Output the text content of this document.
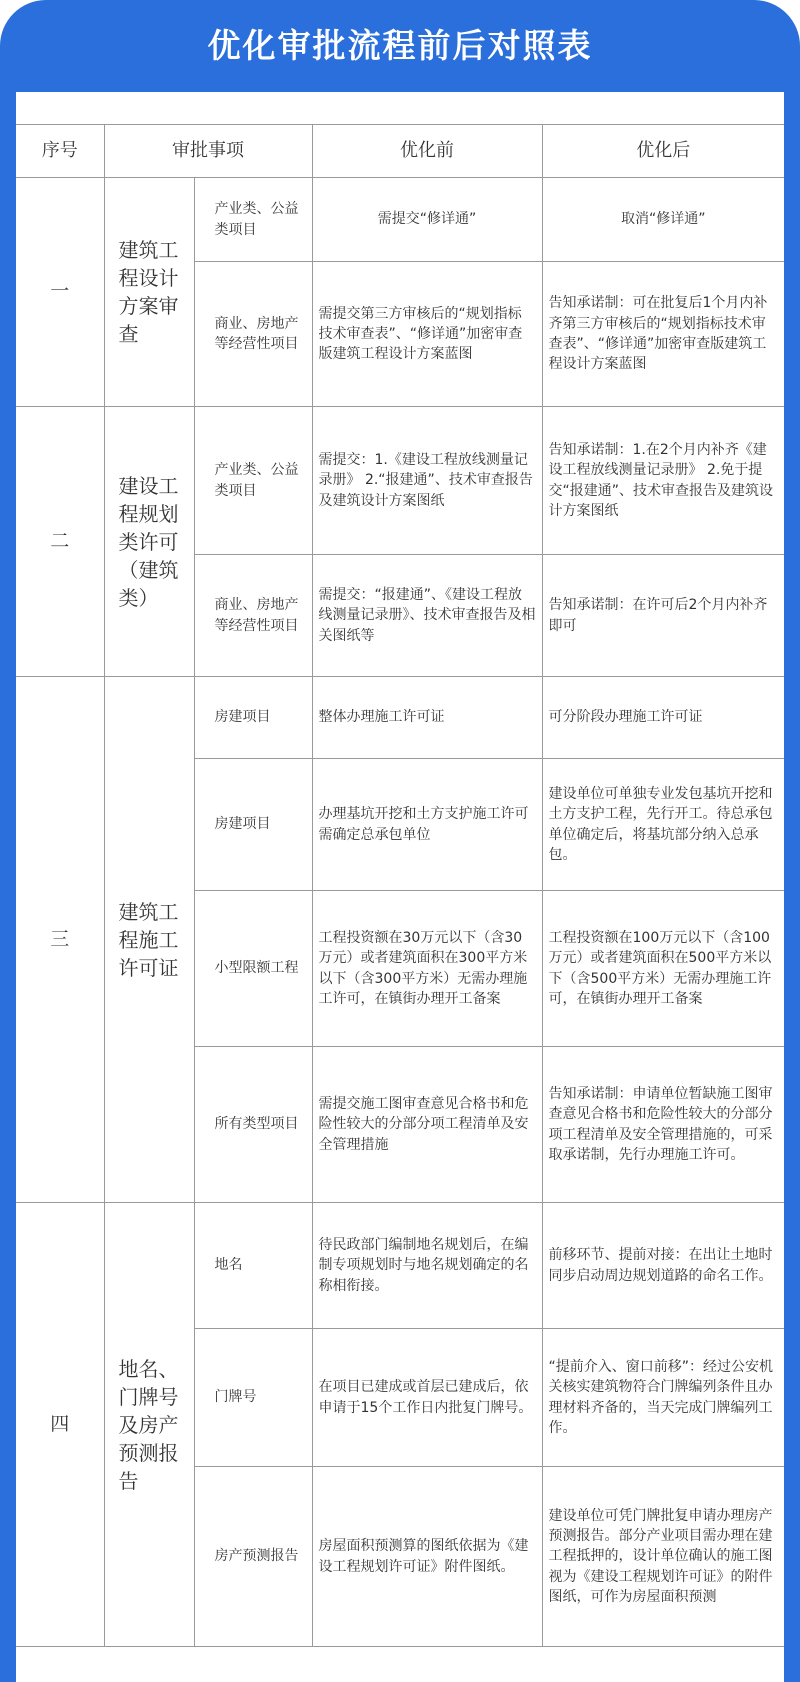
优化审批流程前后对照表
序号	审批事项		优化前	优化后
一	建筑工程设计方案审查	产业类、公益类项目	需提交“修详通”	取消“修详通”
		商业、房地产等经营性项目	需提交第三方审核后的“规划指标技术审查表”、“修详通”加密审查版建筑工程设计方案蓝图	告知承诺制：可在批复后1个月内补齐第三方审核后的“规划指标技术审查表”、“修详通”加密审查版建筑工程设计方案蓝图
二	建设工程规划类许可（建筑类）	产业类、公益类项目	需提交：1.《建设工程放线测量记录册》 2.“报建通”、技术审查报告及建筑设计方案图纸	告知承诺制：1.在2个月内补齐《建设工程放线测量记录册》 2.免于提交“报建通”、技术审查报告及建筑设计方案图纸
		商业、房地产等经营性项目	需提交：“报建通”、《建设工程放线测量记录册》、技术审查报告及相关图纸等	告知承诺制：在许可后2个月内补齐即可
三	建筑工程施工许可证	房建项目	整体办理施工许可证	可分阶段办理施工许可证
		房建项目	办理基坑开挖和土方支护施工许可需确定总承包单位	建设单位可单独专业发包基坑开挖和土方支护工程，先行开工。待总承包单位确定后，将基坑部分纳入总承包。
		小型限额工程	工程投资额在30万元以下（含30万元）或者建筑面积在300平方米以下（含300平方米）无需办理施工许可，在镇街办理开工备案	工程投资额在100万元以下（含100万元）或者建筑面积在500平方米以下（含500平方米）无需办理施工许可，在镇街办理开工备案
		所有类型项目	需提交施工图审查意见合格书和危险性较大的分部分项工程清单及安全管理措施	告知承诺制：申请单位暂缺施工图审查意见合格书和危险性较大的分部分项工程清单及安全管理措施的，可采取承诺制，先行办理施工许可。
四	地名、门牌号及房产预测报告	地名	待民政部门编制地名规划后，在编制专项规划时与地名规划确定的名称相衔接。	前移环节、提前对接：在出让土地时同步启动周边规划道路的命名工作。
		门牌号	在项目已建成或首层已建成后，依申请于15个工作日内批复门牌号。	“提前介入、窗口前移”：经过公安机关核实建筑物符合门牌编列条件且办理材料齐备的，当天完成门牌编列工作。
		房产预测报告	房屋面积预测算的图纸依据为《建设工程规划许可证》附件图纸。	建设单位可凭门牌批复申请办理房产预测报告。部分产业项目需办理在建工程抵押的，设计单位确认的施工图视为《建设工程规划许可证》的附件图纸，可作为房屋面积预测
